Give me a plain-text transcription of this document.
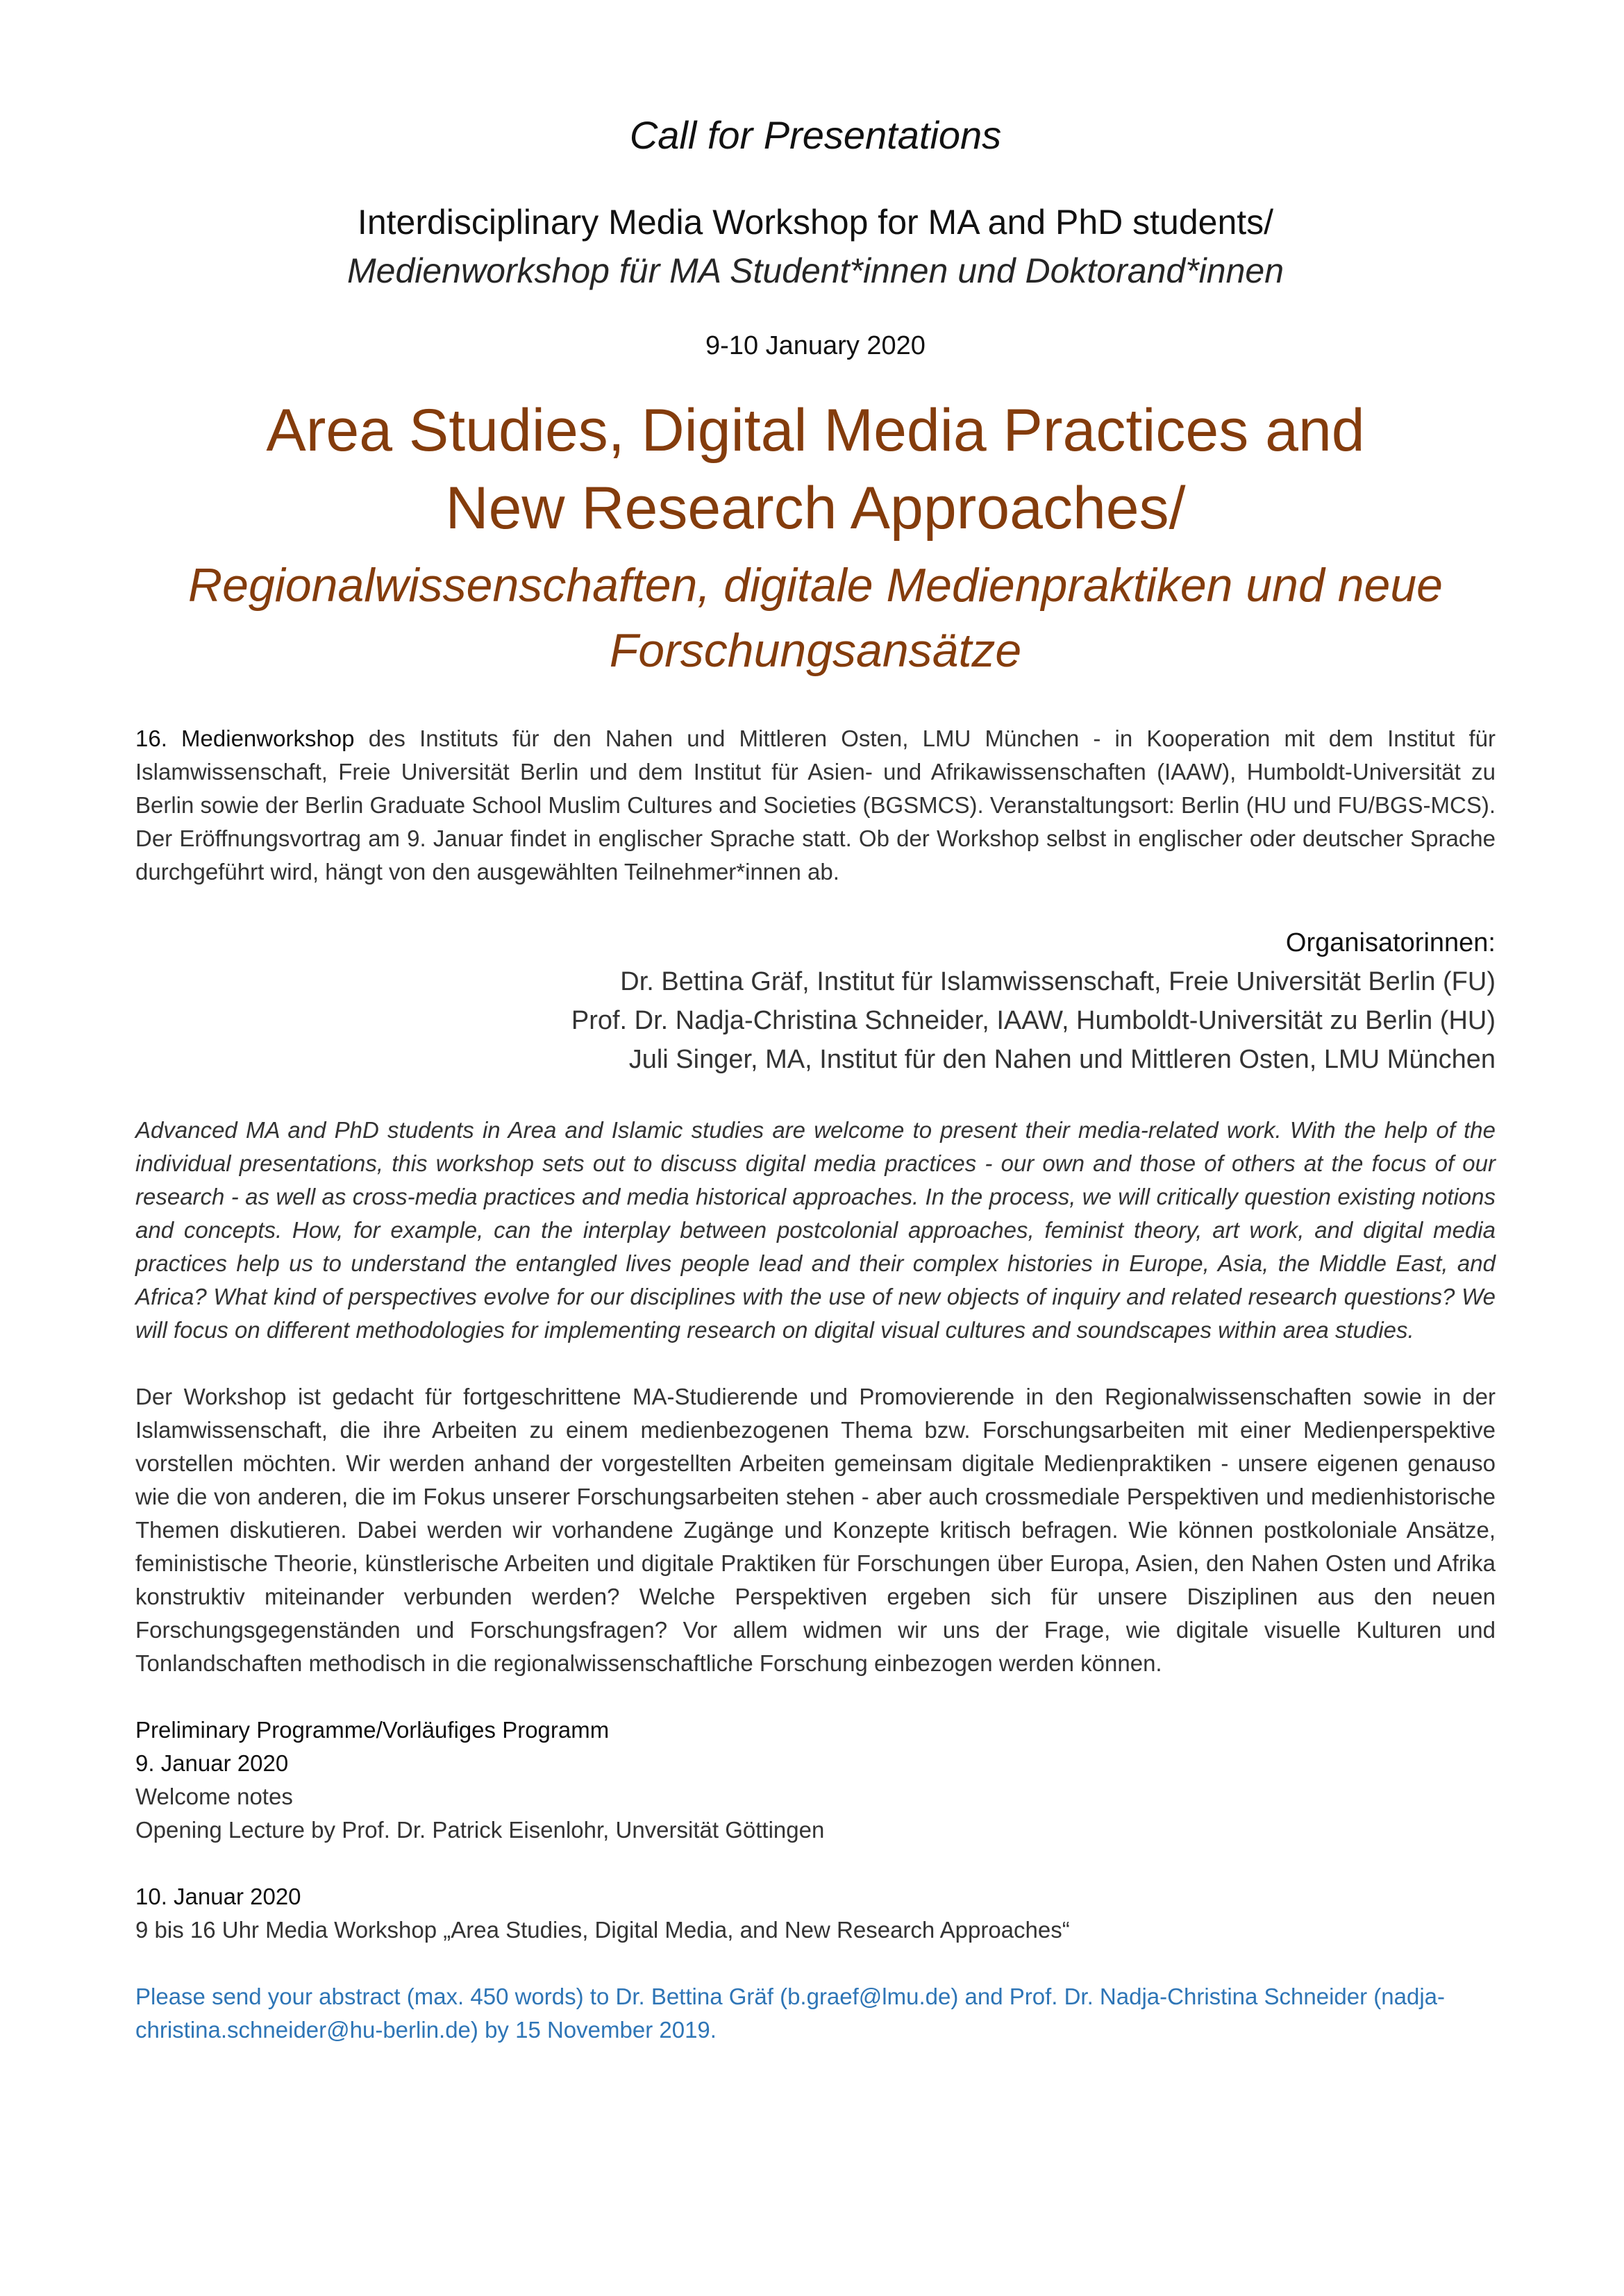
Call for Presentations
Interdisciplinary Media Workshop for MA and PhD students/
Medienworkshop für MA Student*innen und Doktorand*innen
9-10 January 2020
Area Studies, Digital Media Practices and
New Research Approaches/
Regionalwissenschaften, digitale Medienpraktiken und neue
Forschungsansätze

16. Medienworkshop des Instituts für den Nahen und Mittleren Osten, LMU München - in Kooperation mit dem Institut für Islamwissenschaft, Freie Universität Berlin und dem Institut für Asien- und Afrikawissenschaften (IAAW), Humboldt-Universität zu Berlin sowie der Berlin Graduate School Muslim Cultures and Societies (BGSMCS). Veranstaltungsort: Berlin (HU und FU/BGS-MCS). Der Eröffnungsvortrag am 9. Januar findet in englischer Sprache statt. Ob der Workshop selbst in englischer oder deutscher Sprache durchgeführt wird, hängt von den ausgewählten Teilnehmer*innen ab.

Organisatorinnen:
Dr. Bettina Gräf, Institut für Islamwissenschaft, Freie Universität Berlin (FU)
Prof. Dr. Nadja-Christina Schneider, IAAW, Humboldt-Universität zu Berlin (HU)
Juli Singer, MA, Institut für den Nahen und Mittleren Osten, LMU München

Advanced MA and PhD students in Area and Islamic studies are welcome to present their media-related work. With the help of the individual presentations, this workshop sets out to discuss digital media practices - our own and those of others at the focus of our research - as well as cross-media practices and media historical approaches. In the process, we will critically question existing notions and concepts. How, for example, can the interplay between postcolonial approaches, feminist theory, art work, and digital media practices help us to understand the entangled lives people lead and their complex histories in Europe, Asia, the Middle East, and Africa? What kind of perspectives evolve for our disciplines with the use of new objects of inquiry and related research questions? We will focus on different methodologies for implementing research on digital visual cultures and soundscapes within area studies.

Der Workshop ist gedacht für fortgeschrittene MA-Studierende und Promovierende in den Regionalwissenschaften sowie in der Islamwissenschaft, die ihre Arbeiten zu einem medienbezogenen Thema bzw. Forschungsarbeiten mit einer Medienperspektive vorstellen möchten. Wir werden anhand der vorgestellten Arbeiten gemeinsam digitale Medienpraktiken - unsere eigenen genauso wie die von anderen, die im Fokus unserer Forschungsarbeiten stehen - aber auch crossmediale Perspektiven und medienhistorische Themen diskutieren. Dabei werden wir vorhandene Zugänge und Konzepte kritisch befragen. Wie können postkoloniale Ansätze, feministische Theorie, künstlerische Arbeiten und digitale Praktiken für Forschungen über Europa, Asien, den Nahen Osten und Afrika konstruktiv miteinander verbunden werden? Welche Perspektiven ergeben sich für unsere Disziplinen aus den neuen Forschungsgegenständen und Forschungsfragen? Vor allem widmen wir uns der Frage, wie digitale visuelle Kulturen und Tonlandschaften methodisch in die regionalwissenschaftliche Forschung einbezogen werden können.

Preliminary Programme/Vorläufiges Programm
9. Januar 2020
Welcome notes
Opening Lecture by Prof. Dr. Patrick Eisenlohr, Unversität Göttingen
10. Januar 2020
9 bis 16 Uhr Media Workshop „Area Studies, Digital Media, and New Research Approaches“

Please send your abstract (max. 450 words) to Dr. Bettina Gräf (b.graef@lmu.de) and Prof. Dr. Nadja-Christina Schneider (nadja-christina.schneider@hu-berlin.de) by 15 November 2019.
